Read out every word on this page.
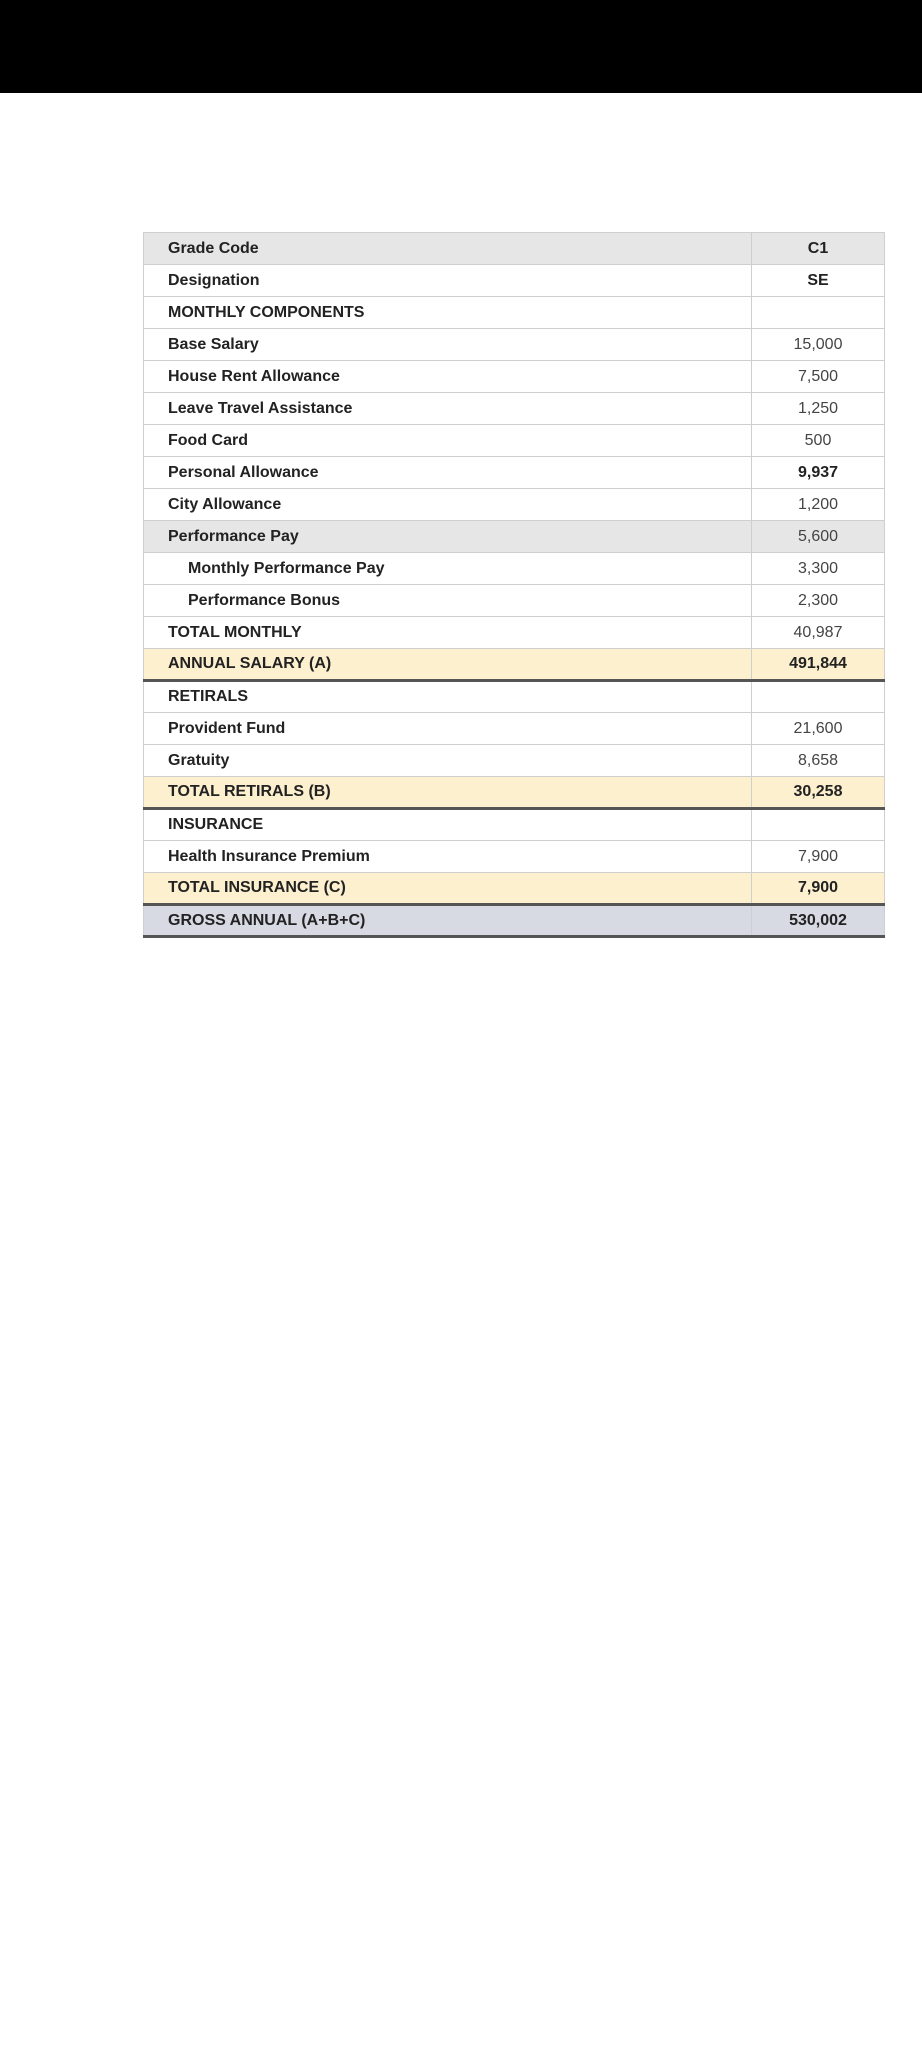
Grade Code	C1
Designation	SE
MONTHLY COMPONENTS	
Base Salary	15,000
House Rent Allowance	7,500
Leave Travel Assistance	1,250
Food Card	500
Personal Allowance	9,937
City Allowance	1,200
Performance Pay	5,600
Monthly Performance Pay	3,300
Performance Bonus	2,300
TOTAL MONTHLY	40,987
ANNUAL SALARY (A)	491,844
RETIRALS	
Provident Fund	21,600
Gratuity	8,658
TOTAL RETIRALS (B)	30,258
INSURANCE	
Health Insurance Premium	7,900
TOTAL INSURANCE (C)	7,900
GROSS ANNUAL (A+B+C)	530,002
